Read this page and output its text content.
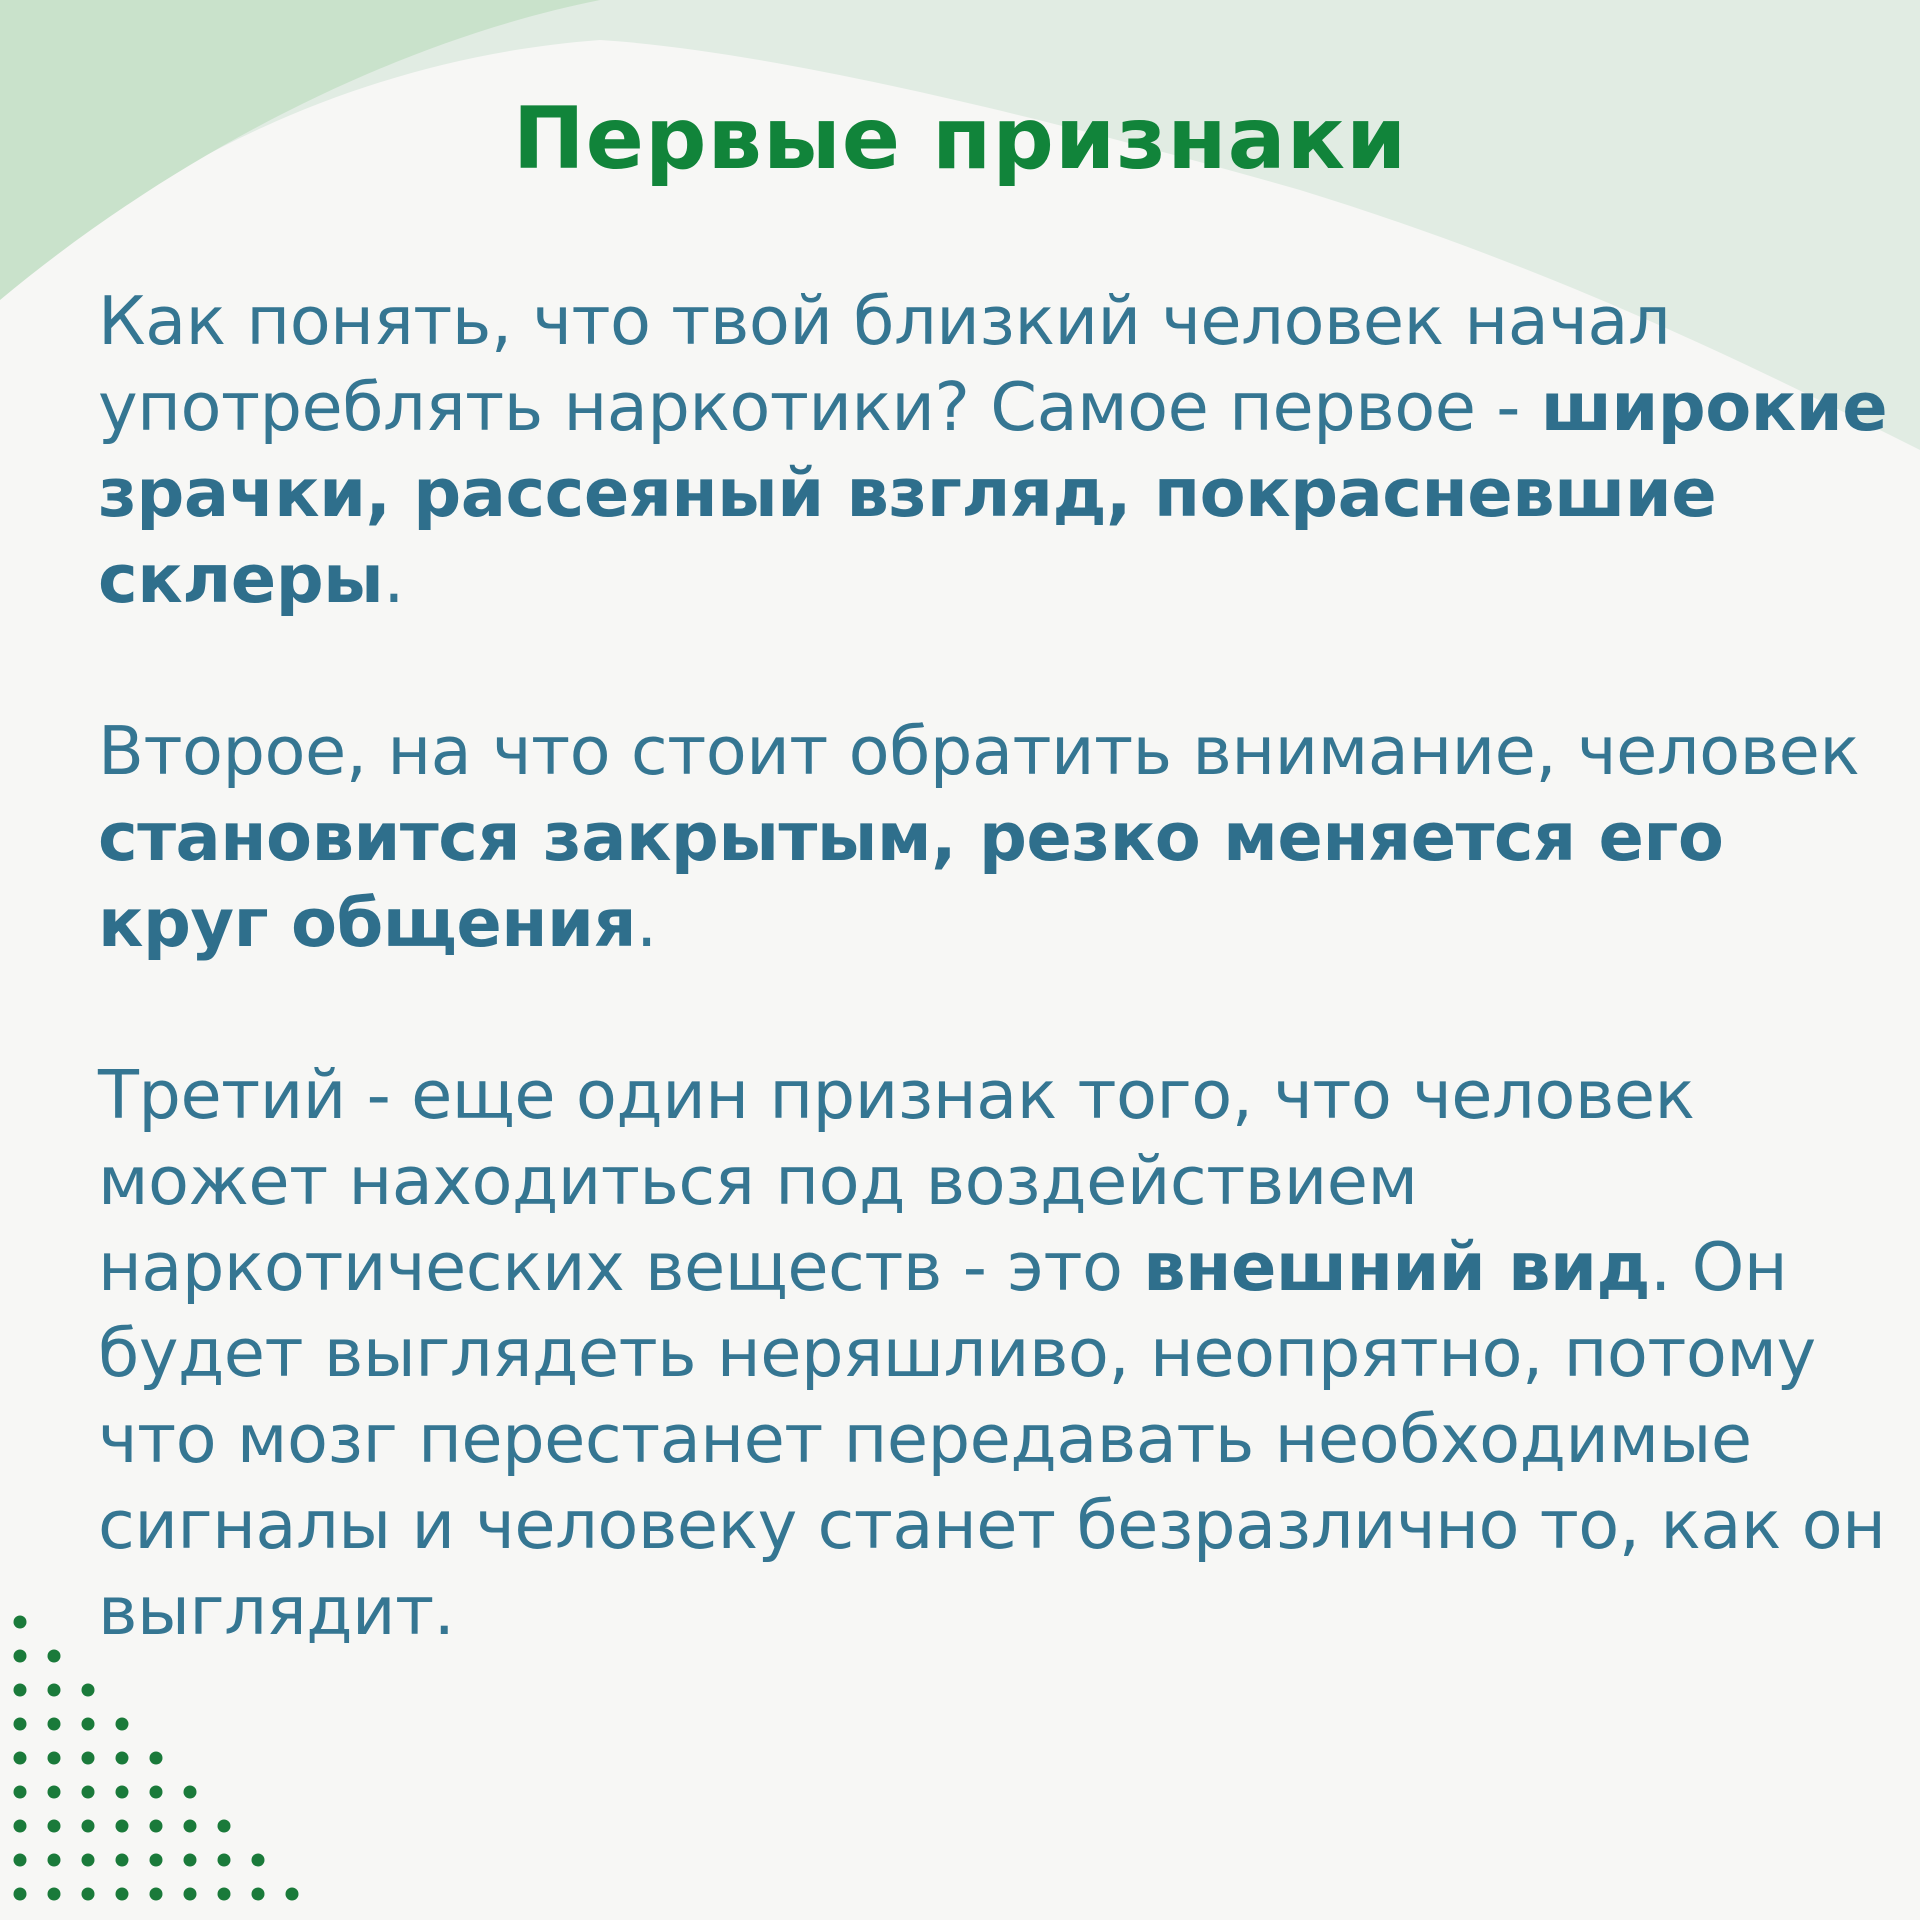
Первые признаки

Как понять, что твой близкий человек начал употреблять наркотики? Самое первое - широкие зрачки, рассеяный взгляд, покрасневшие склеры.

Второе, на что стоит обратить внимание, человек становится закрытым, резко меняется его круг общения.

Третий - еще один признак того, что человек может находиться под воздействием наркотических веществ - это внешний вид. Он будет выглядеть неряшливо, неопрятно, потому что мозг перестанет передавать необходимые сигналы и человеку станет безразлично то, как он выглядит.
